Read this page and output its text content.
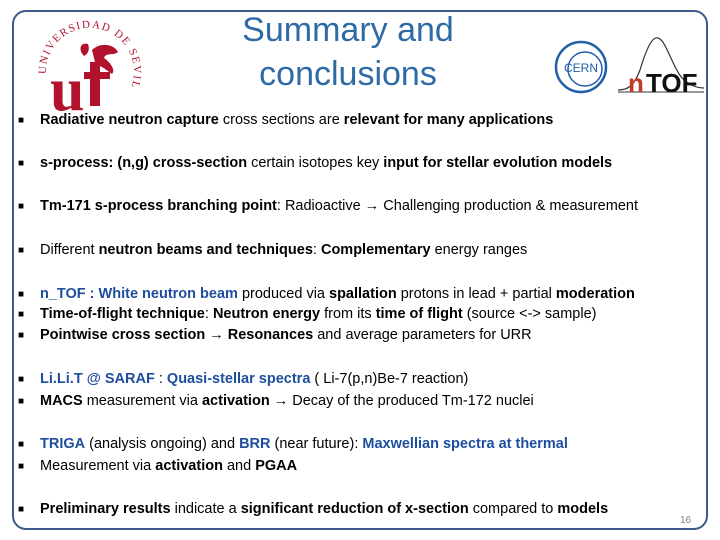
UNIVERSIDAD DE SEVIL
u
Summary and
conclusions	CERN n TOF
■ Radiative neutron capture cross sections are relevant for many applications
■ s-process: (n,g) cross-section certain isotopes key input for stellar evolution models
■ Tm-171 s-process branching point: Radioactive → Challenging production & measurement
■ Different neutron beams and techniques: Complementary energy ranges
■ n_TOF : White neutron beam produced via spallation protons in lead + partial moderation
■ Time-of-flight technique: Neutron energy from its time of flight (source <-> sample)
■ Pointwise cross section → Resonances and average parameters for URR
■ Li.Li.T @ SARAF : Quasi-stellar spectra ( Li-7(p,n)Be-7 reaction)
■ MACS measurement via activation → Decay of the produced Tm-172 nuclei
■ TRIGA (analysis ongoing) and BRR (near future): Maxwellian spectra at thermal
■ Measurement via activation and PGAA
■ Preliminary results indicate a significant reduction of x-section compared to models
16
